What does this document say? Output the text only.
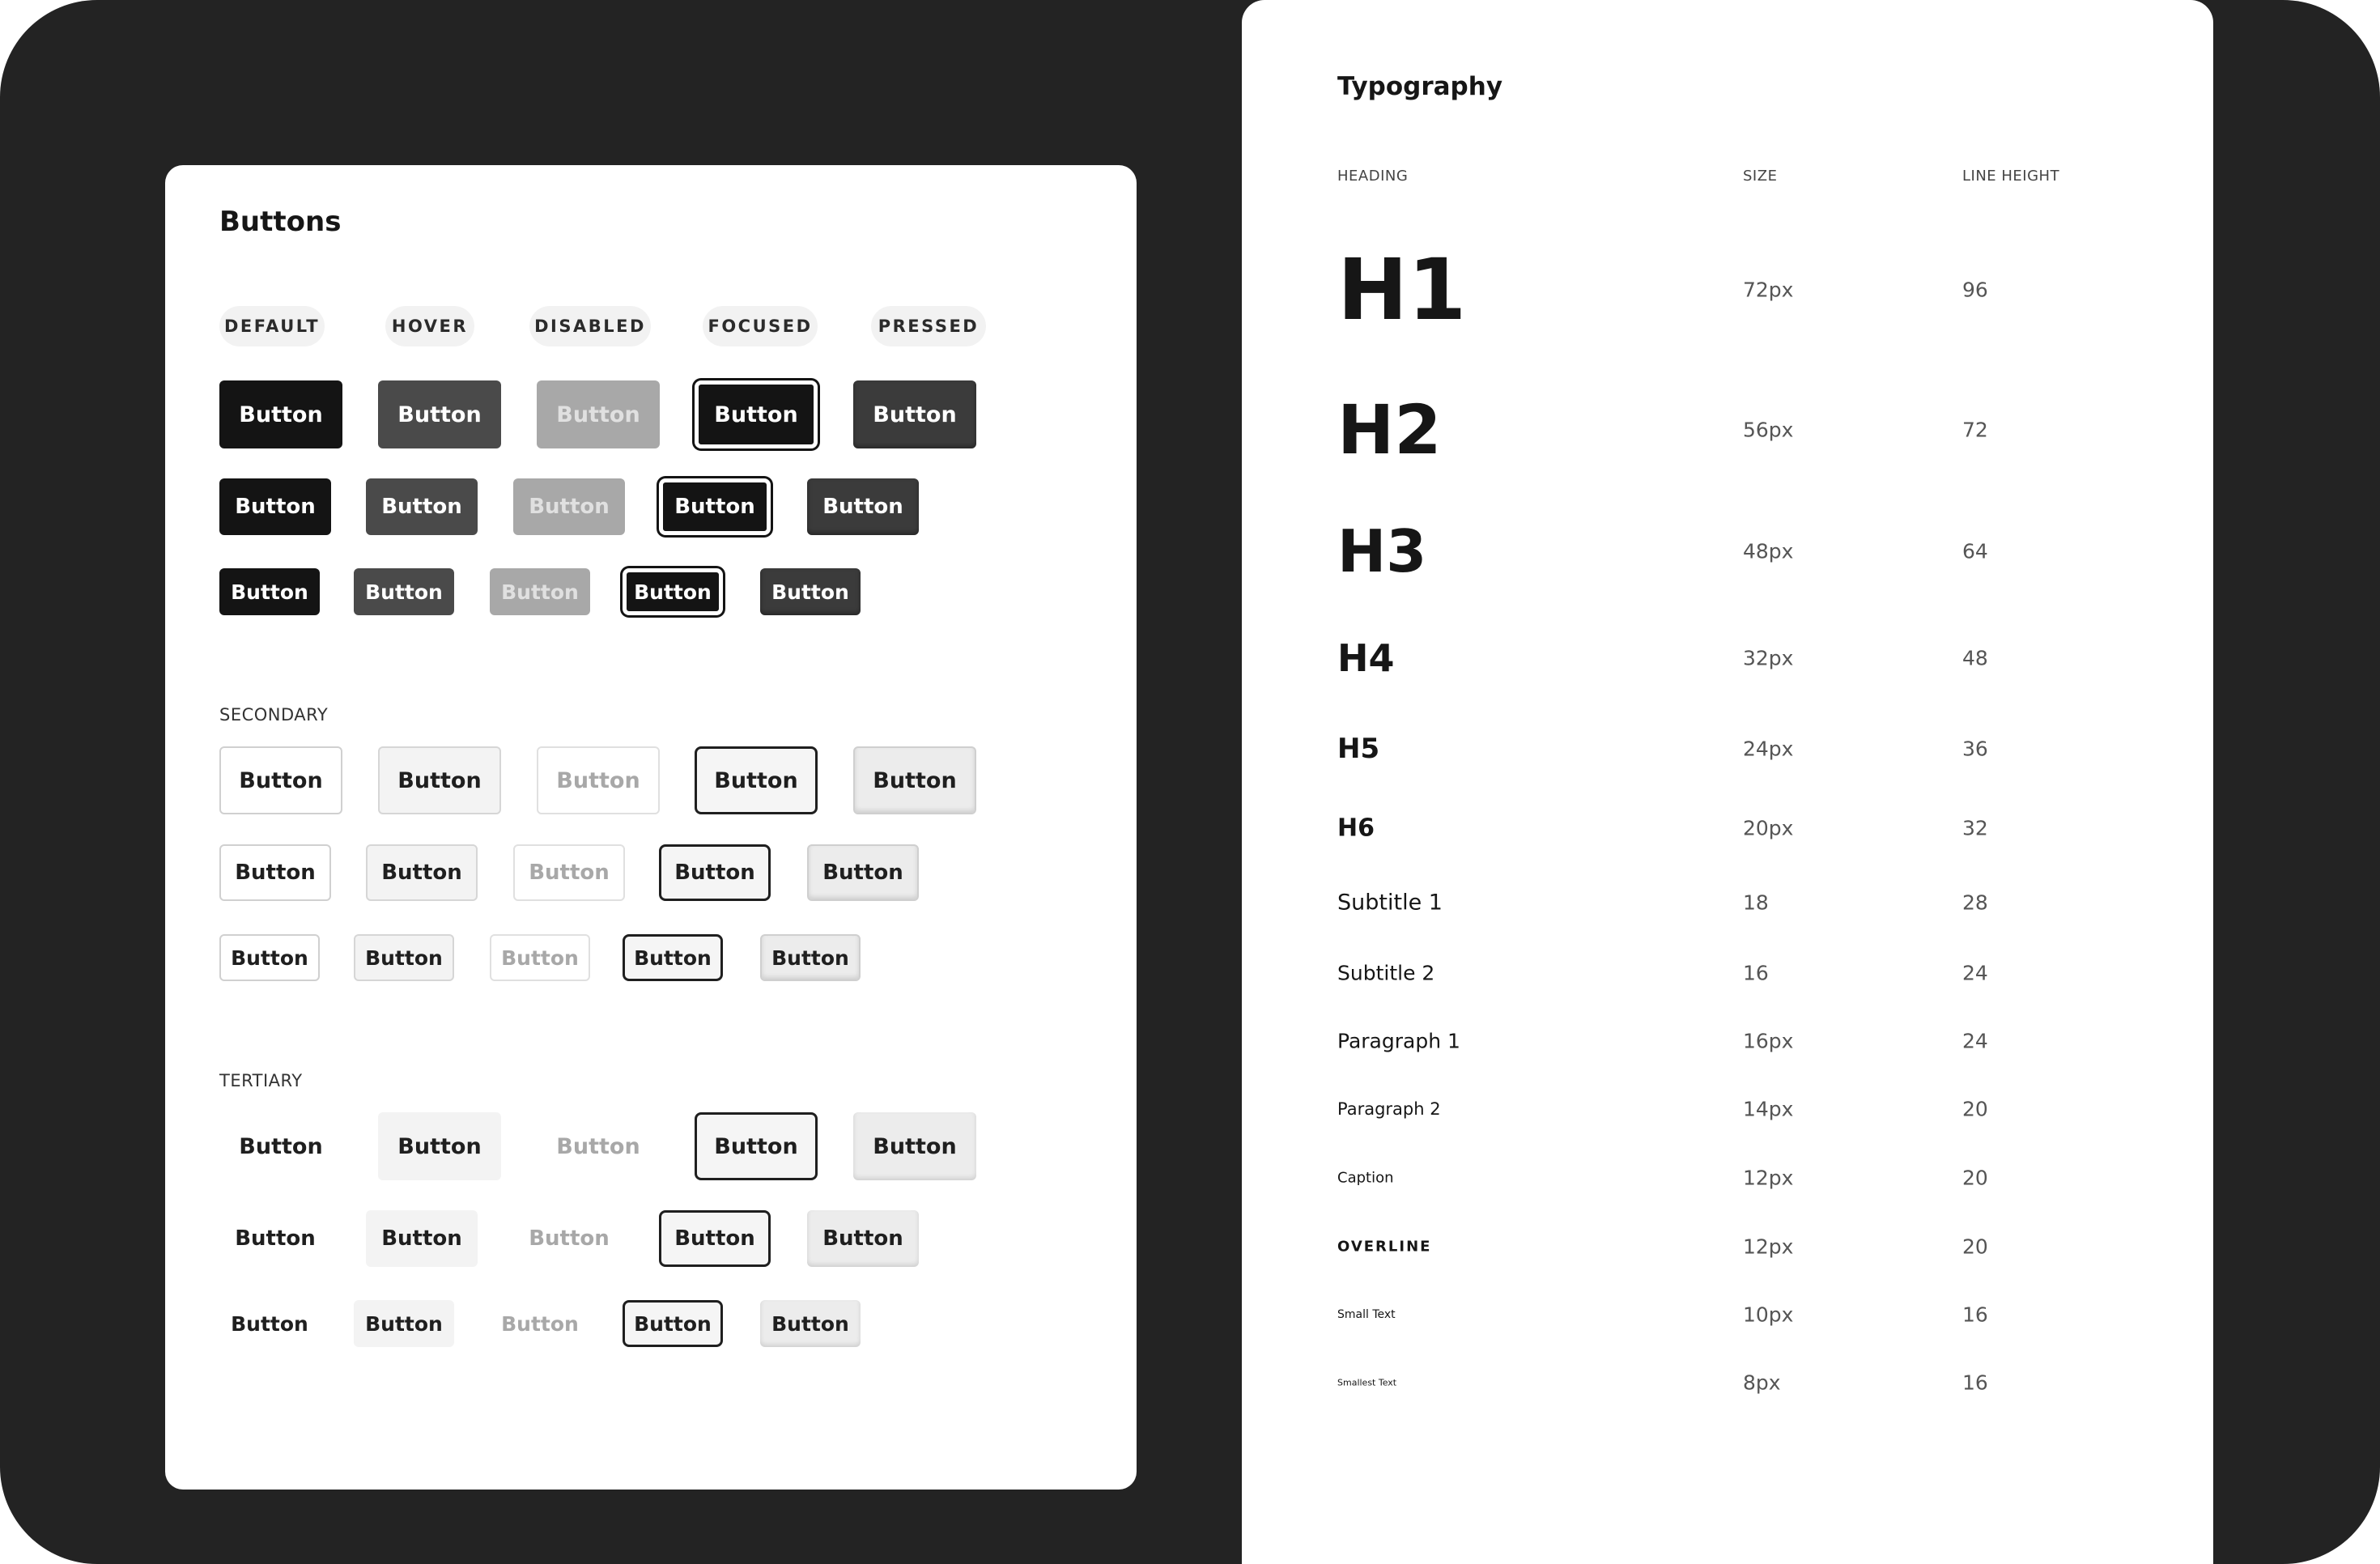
Buttons
DEFAULT	HOVER	DISABLED	FOCUSED	PRESSED

SECONDARY

TERTIARY

Button	Button	Button	Button	Button
Button	Button	Button	Button	Button
Button	Button	Button	Button	Button
Button	Button	Button	Button	Button
Button	Button	Button	Button	Button
Button	Button	Button	Button	Button
Button	Button	Button	Button	Button
Button	Button	Button	Button	Button
Button	Button	Button	Button	Button
Typography
HEADING	SIZE	LINE HEIGHT
H1	72px	96
H2	56px	72
H3	48px	64
H4	32px	48
H5	24px	36
H6	20px	32
Subtitle 1	18	28
Subtitle 2	16	24
Paragraph 1	16px	24
Paragraph 2	14px	20
Caption	12px	20
OVERLINE	12px	20
Small Text	10px	16
Smallest Text	8px	16
